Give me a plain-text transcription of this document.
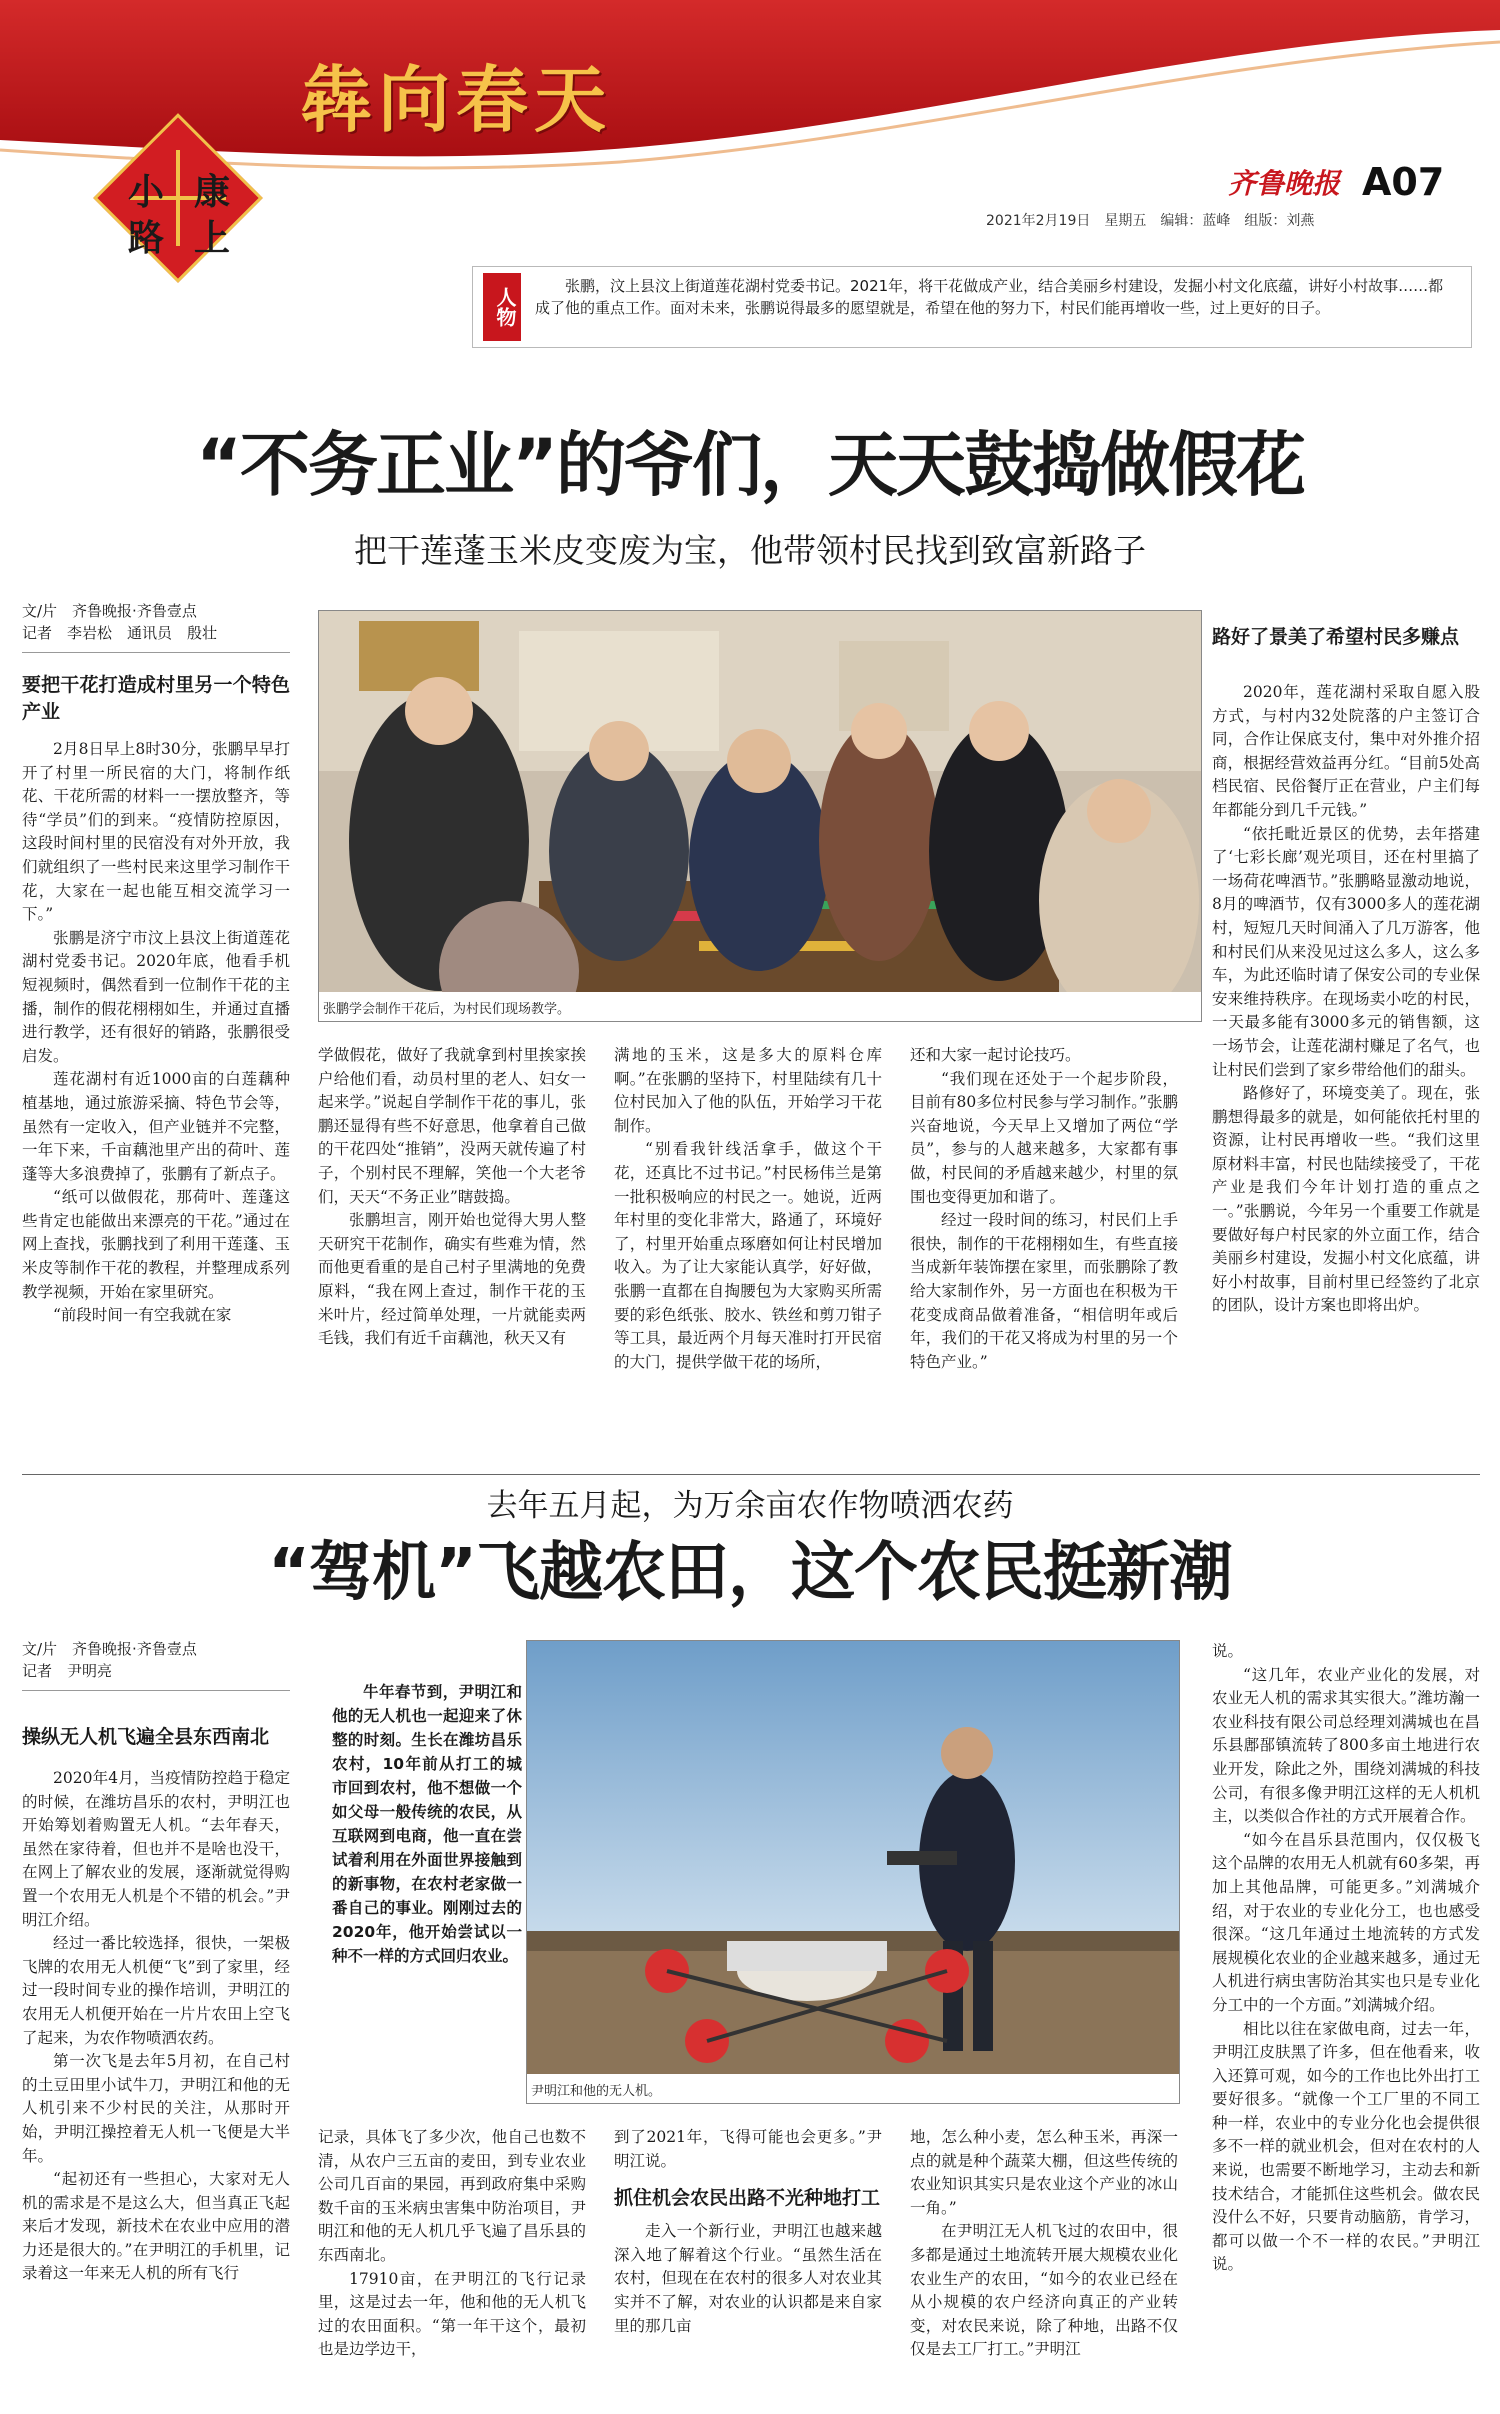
小 康
路 上
犇向春天
齐鲁晚报 A07
2021年2月19日　星期五　编辑：蓝峰　组版：刘燕
人物
张鹏，汶上县汶上街道莲花湖村党委书记。2021年，将干花做成产业，结合美丽乡村建设，发掘小村文化底蕴，讲好小村故事……都成了他的重点工作。面对未来，张鹏说得最多的愿望就是，希望在他的努力下，村民们能再增收一些，过上更好的日子。
“不务正业”的爷们，天天鼓捣做假花
把干莲蓬玉米皮变废为宝，他带领村民找到致富新路子
文/片　齐鲁晚报·齐鲁壹点
记者　李岩松　通讯员　殷壮
要把干花打造成村里另一个特色产业

2月8日早上8时30分，张鹏早早打开了村里一所民宿的大门，将制作纸花、干花所需的材料一一摆放整齐，等待“学员”们的到来。“疫情防控原因，这段时间村里的民宿没有对外开放，我们就组织了一些村民来这里学习制作干花，大家在一起也能互相交流学习一下。”

张鹏是济宁市汶上县汶上街道莲花湖村党委书记。2020年底，他看手机短视频时，偶然看到一位制作干花的主播，制作的假花栩栩如生，并通过直播进行教学，还有很好的销路，张鹏很受启发。

莲花湖村有近1000亩的白莲藕种植基地，通过旅游采摘、特色节会等，虽然有一定收入，但产业链并不完整，一年下来，千亩藕池里产出的荷叶、莲蓬等大多浪费掉了，张鹏有了新点子。

“纸可以做假花，那荷叶、莲蓬这些肯定也能做出来漂亮的干花。”通过在网上查找，张鹏找到了利用干莲蓬、玉米皮等制作干花的教程，并整理成系列教学视频，开始在家里研究。

“前段时间一有空我就在家

张鹏学会制作干花后，为村民们现场教学。

学做假花，做好了我就拿到村里挨家挨户给他们看，动员村里的老人、妇女一起来学。”说起自学制作干花的事儿，张鹏还显得有些不好意思，他拿着自己做的干花四处“推销”，没两天就传遍了村子，个别村民不理解，笑他一个大老爷们，天天“不务正业”瞎鼓捣。

张鹏坦言，刚开始也觉得大男人整天研究干花制作，确实有些难为情，然而他更看重的是自己村子里满地的免费原料，“我在网上查过，制作干花的玉米叶片，经过简单处理，一片就能卖两毛钱，我们有近千亩藕池，秋天又有

满地的玉米，这是多大的原料仓库啊。”在张鹏的坚持下，村里陆续有几十位村民加入了他的队伍，开始学习干花制作。

“别看我针线活拿手，做这个干花，还真比不过书记。”村民杨伟兰是第一批积极响应的村民之一。她说，近两年村里的变化非常大，路通了，环境好了，村里开始重点琢磨如何让村民增加收入。为了让大家能认真学，好好做，张鹏一直都在自掏腰包为大家购买所需要的彩色纸张、胶水、铁丝和剪刀钳子等工具，最近两个月每天准时打开民宿的大门，提供学做干花的场所，

还和大家一起讨论技巧。

“我们现在还处于一个起步阶段，目前有80多位村民参与学习制作。”张鹏兴奋地说，今天早上又增加了两位“学员”，参与的人越来越多，大家都有事做，村民间的矛盾越来越少，村里的氛围也变得更加和谐了。

经过一段时间的练习，村民们上手很快，制作的干花栩栩如生，有些直接当成新年装饰摆在家里，而张鹏除了教给大家制作外，另一方面也在积极为干花变成商品做着准备，“相信明年或后年，我们的干花又将成为村里的另一个特色产业。”

路好了景美了希望村民多赚点

2020年，莲花湖村采取自愿入股方式，与村内32处院落的户主签订合同，合作让保底支付，集中对外推介招商，根据经营效益再分红。“目前5处高档民宿、民俗餐厅正在营业，户主们每年都能分到几千元钱。”

“依托毗近景区的优势，去年搭建了‘七彩长廊’观光项目，还在村里搞了一场荷花啤酒节。”张鹏略显激动地说，8月的啤酒节，仅有3000多人的莲花湖村，短短几天时间涌入了几万游客，他和村民们从来没见过这么多人，这么多车，为此还临时请了保安公司的专业保安来维持秩序。在现场卖小吃的村民，一天最多能有3000多元的销售额，这一场节会，让莲花湖村赚足了名气，也让村民们尝到了家乡带给他们的甜头。

路修好了，环境变美了。现在，张鹏想得最多的就是，如何能依托村里的资源，让村民再增收一些。“我们这里原材料丰富，村民也陆续接受了，干花产业是我们今年计划打造的重点之一。”张鹏说，今年另一个重要工作就是要做好每户村民家的外立面工作，结合美丽乡村建设，发掘小村文化底蕴，讲好小村故事，目前村里已经签约了北京的团队，设计方案也即将出炉。

去年五月起，为万余亩农作物喷洒农药
“驾机”飞越农田，这个农民挺新潮
文/片　齐鲁晚报·齐鲁壹点
记者　尹明亮
操纵无人机飞遍全县东西南北

2020年4月，当疫情防控趋于稳定的时候，在潍坊昌乐的农村，尹明江也开始筹划着购置无人机。“去年春天，虽然在家待着，但也并不是啥也没干，在网上了解农业的发展，逐渐就觉得购置一个农用无人机是个不错的机会。”尹明江介绍。

经过一番比较选择，很快，一架极飞牌的农用无人机便“飞”到了家里，经过一段时间专业的操作培训，尹明江的农用无人机便开始在一片片农田上空飞了起来，为农作物喷洒农药。

第一次飞是去年5月初，在自己村的土豆田里小试牛刀，尹明江和他的无人机引来不少村民的关注，从那时开始，尹明江操控着无人机一飞便是大半年。

“起初还有一些担心，大家对无人机的需求是不是这么大，但当真正飞起来后才发现，新技术在农业中应用的潜力还是很大的。”在尹明江的手机里，记录着这一年来无人机的所有飞行

牛年春节到，尹明江和他的无人机也一起迎来了休整的时刻。生长在潍坊昌乐农村，10年前从打工的城市回到农村，他不想做一个如父母一般传统的农民，从互联网到电商，他一直在尝试着利用在外面世界接触到的新事物，在农村老家做一番自己的事业。刚刚过去的2020年，他开始尝试以一种不一样的方式回归农业。

尹明江和他的无人机。

记录，具体飞了多少次，他自己也数不清，从农户三五亩的麦田，到专业农业公司几百亩的果园，再到政府集中采购数千亩的玉米病虫害集中防治项目，尹明江和他的无人机几乎飞遍了昌乐县的东西南北。

17910亩，在尹明江的飞行记录里，这是过去一年，他和他的无人机飞过的农田面积。“第一年干这个，最初也是边学边干，

到了2021年，飞得可能也会更多。”尹明江说。

抓住机会农民出路不光种地打工

走入一个新行业，尹明江也越来越深入地了解着这个行业。“虽然生活在农村，但现在在农村的很多人对农业其实并不了解，对农业的认识都是来自家里的那几亩

地，怎么种小麦，怎么种玉米，再深一点的就是种个蔬菜大棚，但这些传统的农业知识其实只是农业这个产业的冰山一角。”

在尹明江无人机飞过的农田中，很多都是通过土地流转开展大规模农业化农业生产的农田，“如今的农业已经在从小规模的农户经济向真正的产业转变，对农民来说，除了种地，出路不仅仅是去工厂打工。”尹明江

说。

“这几年，农业产业化的发展，对农业无人机的需求其实很大。”潍坊瀚一农业科技有限公司总经理刘满城也在昌乐县鄌郚镇流转了800多亩土地进行农业开发，除此之外，围绕刘满城的科技公司，有很多像尹明江这样的无人机机主，以类似合作社的方式开展着合作。

“如今在昌乐县范围内，仅仅极飞这个品牌的农用无人机就有60多架，再加上其他品牌，可能更多。”刘满城介绍，对于农业的专业化分工，也也感受很深。“这几年通过土地流转的方式发展规模化农业的企业越来越多，通过无人机进行病虫害防治其实也只是专业化分工中的一个方面。”刘满城介绍。

相比以往在家做电商，过去一年，尹明江皮肤黑了许多，但在他看来，收入还算可观，如今的工作也比外出打工要好很多。“就像一个工厂里的不同工种一样，农业中的专业分化也会提供很多不一样的就业机会，但对在农村的人来说，也需要不断地学习，主动去和新技术结合，才能抓住这些机会。做农民没什么不好，只要肯动脑筋，肯学习，都可以做一个不一样的农民。”尹明江说。
